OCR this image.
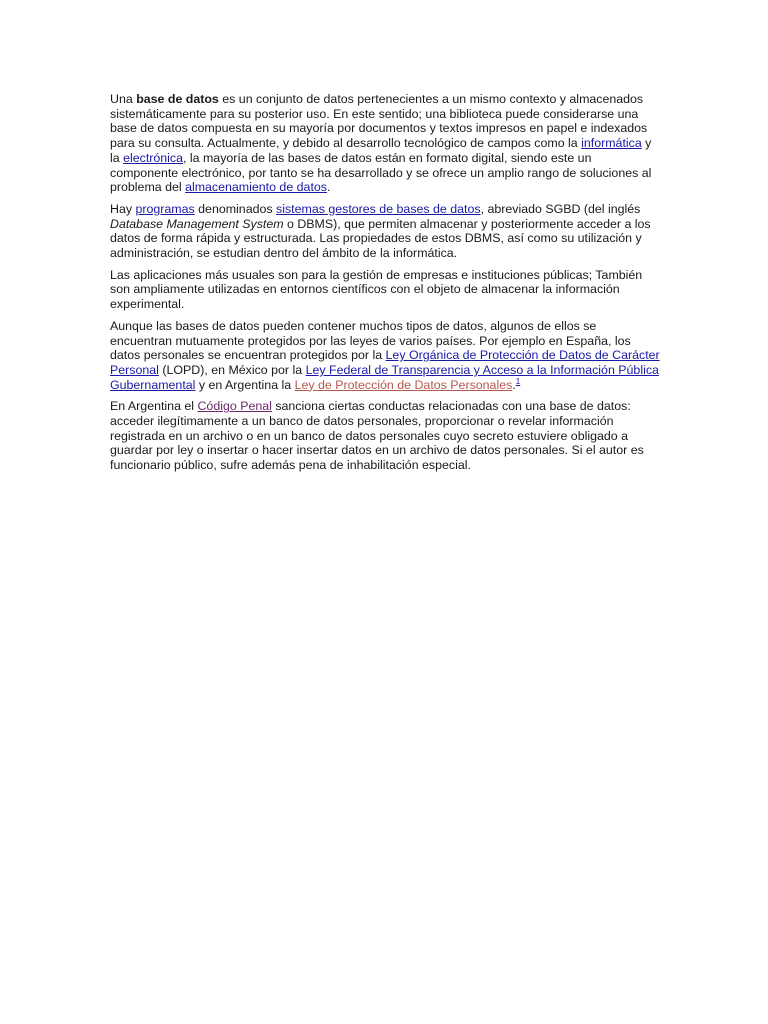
Una base de datos es un conjunto de datos pertenecientes a un mismo contexto y almacenados sistemáticamente para su posterior uso. En este sentido; una biblioteca puede considerarse una base de datos compuesta en su mayoría por documentos y textos impresos en papel e indexados para su consulta. Actualmente, y debido al desarrollo tecnológico de campos como la informática y la electrónica, la mayoría de las bases de datos están en formato digital, siendo este un componente electrónico, por tanto se ha desarrollado y se ofrece un amplio rango de soluciones al problema del almacenamiento de datos.

Hay programas denominados sistemas gestores de bases de datos, abreviado SGBD (del inglés Database Management System o DBMS), que permiten almacenar y posteriormente acceder a los datos de forma rápida y estructurada. Las propiedades de estos DBMS, así como su utilización y administración, se estudian dentro del ámbito de la informática.

Las aplicaciones más usuales son para la gestión de empresas e instituciones públicas; También son ampliamente utilizadas en entornos científicos con el objeto de almacenar la información experimental.

Aunque las bases de datos pueden contener muchos tipos de datos, algunos de ellos se encuentran mutuamente protegidos por las leyes de varios países. Por ejemplo en España, los datos personales se encuentran protegidos por la Ley Orgánica de Protección de Datos de Carácter Personal (LOPD), en México por la Ley Federal de Transparencia y Acceso a la Información Pública Gubernamental y en Argentina la Ley de Protección de Datos Personales.$^1$

En Argentina el Código Penal sanciona ciertas conductas relacionadas con una base de datos: acceder ilegítimamente a un banco de datos personales, proporcionar o revelar información registrada en un archivo o en un banco de datos personales cuyo secreto estuviere obligado a guardar por ley o insertar o hacer insertar datos en un archivo de datos personales. Si el autor es funcionario público, sufre además pena de inhabilitación especial.
